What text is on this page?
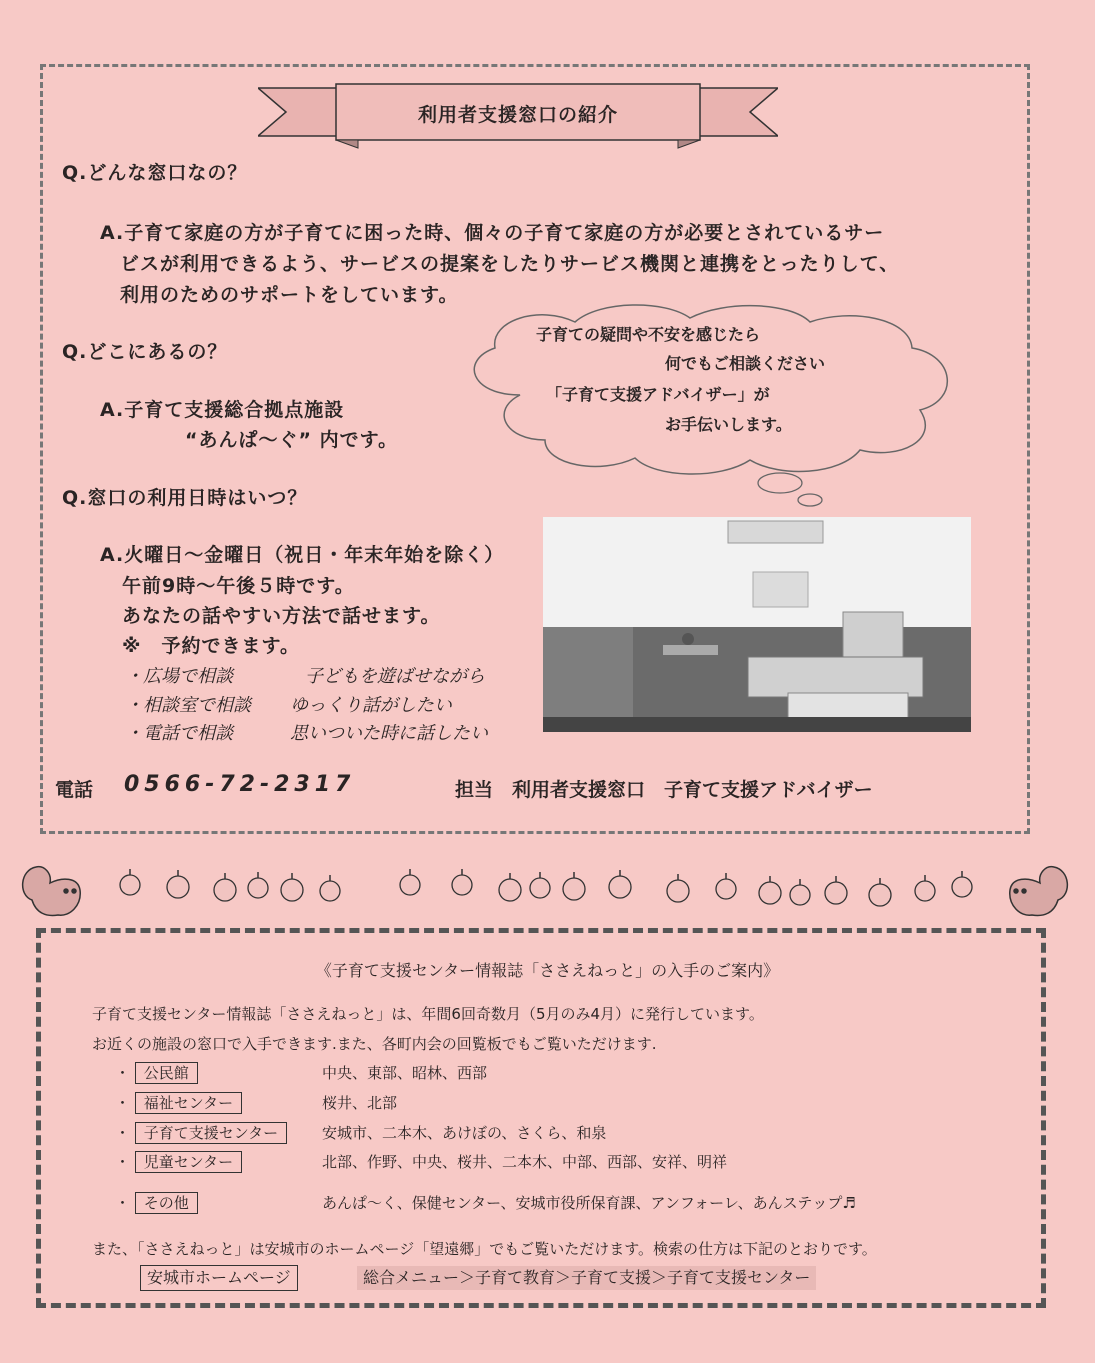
利用者支援窓口の紹介
Q.どんな窓口なの？
A.子育て家庭の方が子育てに困った時、個々の子育て家庭の方が必要とされているサー
ビスが利用できるよう、サービスの提案をしたりサービス機関と連携をとったりして、
利用のためのサポートをしています。
Q.どこにあるの？
A.子育て支援総合拠点施設
“あんぱ～ぐ” 内です。
子育ての疑問や不安を感じたら
何でもご相談ください
「子育て支援アドバイザー」が
お手伝いします。
Q.窓口の利用日時はいつ？
A.火曜日～金曜日（祝日・年末年始を除く）
午前9時～午後５時です。
あなたの話やすい方法で話せます。
※　予約できます。
・広場で相談	子どもを遊ばせながら
・相談室で相談 ゆっくり話がしたい
・電話で相談	思いついた時に話したい
電話 0566-72-2317	担当　利用者支援窓口　子育て支援アドバイザー
《子育て支援センター情報誌「ささえねっと」の入手のご案内》
子育て支援センター情報誌「ささえねっと」は、年間6回奇数月（5月のみ4月）に発行しています。
お近くの施設の窓口で入手できます.また、各町内会の回覧板でもご覧いただけます.
・ 公民館	中央、東部、昭林、西部
・ 福祉センター	桜井、北部
・ 子育て支援センター	安城市、二本木、あけぼの、さくら、和泉
・ 児童センター	北部、作野、中央、桜井、二本木、中部、西部、安祥、明祥
・ その他	あんぱ～く、保健センター、安城市役所保育課、アンフォーレ、あんステップ♬
また、「ささえねっと」は安城市のホームページ「望遠郷」でもご覧いただけます。検索の仕方は下記のとおりです。
安城市ホームページ	総合メニュー＞子育て教育＞子育て支援＞子育て支援センター
